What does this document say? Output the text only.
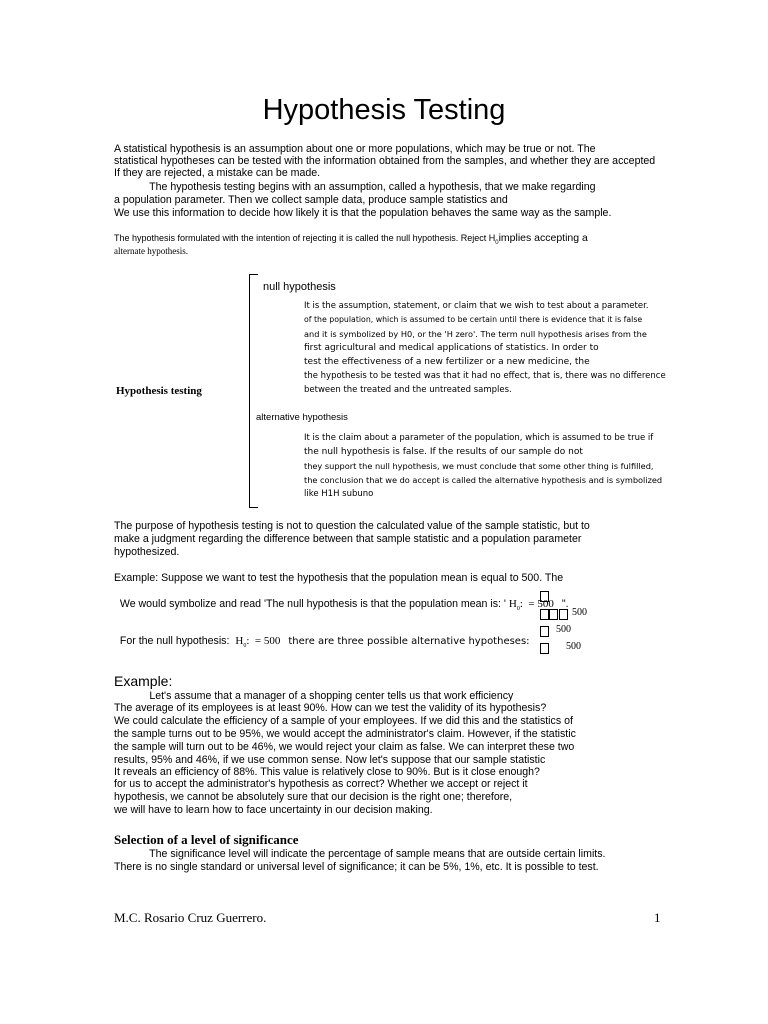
Hypothesis Testing
A statistical hypothesis is an assumption about one or more populations, which may be true or not. The
statistical hypotheses can be tested with the information obtained from the samples, and whether they are accepted
If they are rejected, a mistake can be made.
The hypothesis testing begins with an assumption, called a hypothesis, that we make regarding
a population parameter. Then we collect sample data, produce sample statistics and
We use this information to decide how likely it is that the population behaves the same way as the sample.
The hypothesis formulated with the intention of rejecting it is called the null hypothesis. Reject $H_0implies$ accepting a
alternate hypothesis.
Hypothesis testing
null hypothesis
It is the assumption, statement, or claim that we wish to test about a parameter.
of the population, which is assumed to be certain until there is evidence that it is false
and it is symbolized by H0, or the 'H zero'. The term null hypothesis arises from the
first agricultural and medical applications of statistics. In order to
test the effectiveness of a new fertilizer or a new medicine, the
the hypothesis to be tested was that it had no effect, that is, there was no difference
between the treated and the untreated samples.
alternative hypothesis
It is the claim about a parameter of the population, which is assumed to be true if
the null hypothesis is false. If the results of our sample do not
they support the null hypothesis, we must conclude that some other thing is fulfilled,
the conclusion that we do accept is called the alternative hypothesis and is symbolized
like H1H subuno
The purpose of hypothesis testing is not to question the calculated value of the sample statistic, but to
make a judgment regarding the difference between that sample statistic and a population parameter
hypothesized.
Example: Suppose we want to test the hypothesis that the population mean is equal to 500. The

We would symbolize and read 'The null hypothesis is that the population mean is: ' $H_0$:  = 500 ".

For the null hypothesis: $H_0$:  = 500 there are three possible alternative hypotheses:

500
500
500
Example:
Let's assume that a manager of a shopping center tells us that work efficiency
The average of its employees is at least 90%. How can we test the validity of its hypothesis?
We could calculate the efficiency of a sample of your employees. If we did this and the statistics of
the sample turns out to be 95%, we would accept the administrator's claim. However, if the statistic
the sample will turn out to be 46%, we would reject your claim as false. We can interpret these two
results, 95% and 46%, if we use common sense. Now let's suppose that our sample statistic
It reveals an efficiency of 88%. This value is relatively close to 90%. But is it close enough?
for us to accept the administrator's hypothesis as correct? Whether we accept or reject it
hypothesis, we cannot be absolutely sure that our decision is the right one; therefore,
we will have to learn how to face uncertainty in our decision making.
Selection of a level of significance
The significance level will indicate the percentage of sample means that are outside certain limits.
There is no single standard or universal level of significance; it can be 5%, 1%, etc. It is possible to test.
M.C. Rosario Cruz Guerrero.	1
